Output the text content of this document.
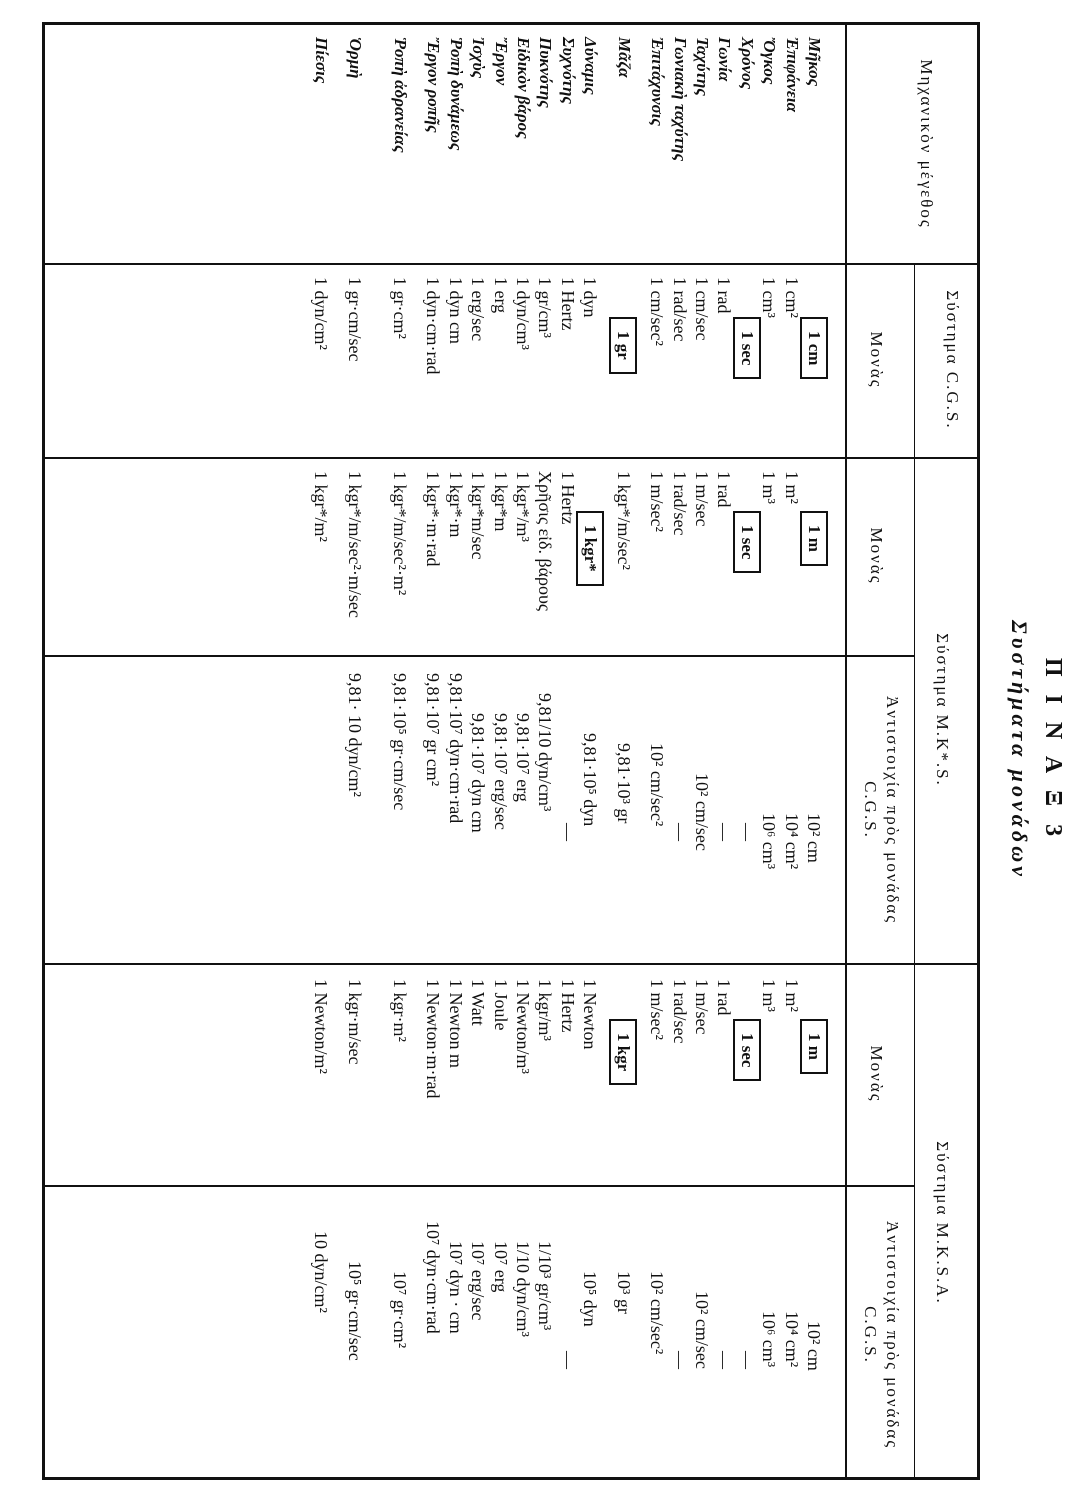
Π Ι Ν Α Ξ 3
Συστήματα μονάδων
Μηχανικὸν μέγεθος
Σύστημα C.G.S.
Μονὰς
Σύστημα M.K*.S.
Μονὰς
Ἀντιστοιχία πρὸς μονάδας C.G.S.
Σύστημα M.K.S.A.
Μονὰς
Ἀντιστοιχία πρὸς μονάδας C.G.S.
Μῆκος
Ἐπιφάνεια
Ὄγκος
Χρόνος
Γωνία
Ταχύτης
Γωνιακὴ ταχύτης
Ἐπιτάχυνσις
Μᾶζα
Δύναμις
Συχνότης
Πυκνότης
Εἰδικὸν βάρος
Ἔργον
Ἰσχὺς
Ῥοπὴ δυνάμεως
Ἔργον ροπῆς
Ῥοπὴ ἀδρανείας
Ὁρμὴ
Πίεσις
1 cm
1 cm²
1 cm³
1 sec
1 rad
1 cm/sec
1 rad/sec
1 cm/sec²
1 gr
1 dyn
1 Hertz
1 gr/cm³
1 dyn/cm³
1 erg
1 erg/sec
1 dyn cm
1 dyn·cm·rad
1 gr·cm²
1 gr·cm/sec
1 dyn/cm²
1 m
1 m²
1 m³
1 sec
1 rad
1 m/sec
1 rad/sec
1 m/sec²
1 kgr*/m/sec²
1 kgr*
1 Hertz
Χρῆσις εἰδ. βάρους
1 kgr*/m³
1 kgr*m
1 kgr*m/sec
1 kgr*·m
1 kgr*·m·rad
1 kgr*/m/sec²·m²
1 kgr*/m/sec²·m/sec
1 kgr*/m²
10² cm
10⁴ cm²
10⁶ cm³
—
—
10² cm/sec
—
10² cm/sec²
9,81·10³ gr
9,81·10⁵ dyn
—
9,81/10 dyn/cm³
9,81·10⁷ erg
9,81·10⁷ erg/sec
9,81·10⁷ dyn cm
9,81·10⁷ dyn·cm·rad
9,81·10⁷ gr cm²
9,81·10⁵ gr·cm/sec
9,81· 10 dyn/cm²
1 m
1 m²
1 m³
1 sec
1 rad
1 m/sec
1 rad/sec
1 m/sec²
1 kgr
1 Newton
1 Hertz
1 kgr/m³
1 Newton/m³
1 Joule
1 Watt
1 Newton m
1 Newton·m·rad
1 kgr·m²
1 kgr·m/sec
1 Newton/m²
10² cm
10⁴ cm²
10⁶ cm³
—
—
10² cm/sec
—
10² cm/sec²
10³ gr
10⁵ dyn
—
1/10³ gr/cm³
1/10 dyn/cm³
10⁷ erg
10⁷ erg/sec
10⁷ dyn · cm
10⁷ dyn·cm·rad
10⁷ gr·cm²
10⁵ gr·cm/sec
10 dyn/cm²
